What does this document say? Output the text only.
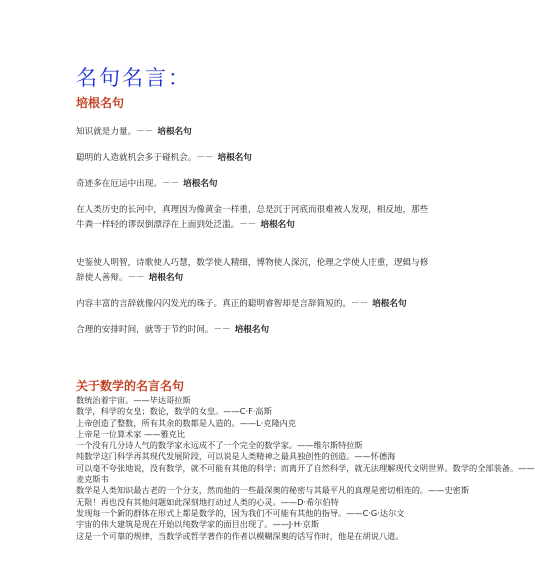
名句名言：
培根名句
知识就是力量。－－ 培根名句
聪明的人造就机会多于碰机会。－－ 培根名句
奇迹多在厄运中出现。－－ 培根名句
在人类历史的长河中，真理因为像黄金一样重，总是沉于河底而很难被人发现，相反地，那些牛粪一样轻的谬误倒漂浮在上面到处泛滥。－－ 培根名句
史鉴使人明智，诗歌使人巧慧，数学使人精细，博物使人深沉，伦理之学使人庄重，逻辑与修辞使人善辩。－－ 培根名句
内容丰富的言辞就像闪闪发光的珠子。真正的聪明睿智却是言辞简短的。－－ 培根名句
合理的安排时间，就等于节约时间。－－ 培根名句
关于数学的名言名句
数统治着宇宙。——毕达哥拉斯
数学，科学的女皇；数论，数学的女皇。——C·F·高斯
上帝创造了整数，所有其余的数都是人造的。——L·克隆内克
上帝是一位算术家 ——雅克比
一个没有几分诗人气的数学家永远成不了一个完全的数学家。——维尔斯特拉斯
纯数学这门科学再其现代发展阶段，可以说是人类精神之最具独创性的创造。——怀德海
可以毫不夸张地说，没有数学，就不可能有其他的科学；而离开了自然科学，就无法理解现代文明世界。数学的全部装备。——
麦克斯韦
数学是人类知识最古老的一个分支，然而他的一些最深奥的秘密与其最平凡的真理是密切相连的。——史密斯
无限！再也没有其他问题如此深刻地打动过人类的心灵。——D·希尔伯特
发现每一个新的群体在形式上都是数学的，因为我们不可能有其他的指导。——C·G·达尔文
宇宙的伟大建筑是现在开始以纯数学家的面目出现了。——J·H·京斯
这是一个可靠的规律，当数学或哲学著作的作者以模糊深奥的话写作时，他是在胡说八道。
